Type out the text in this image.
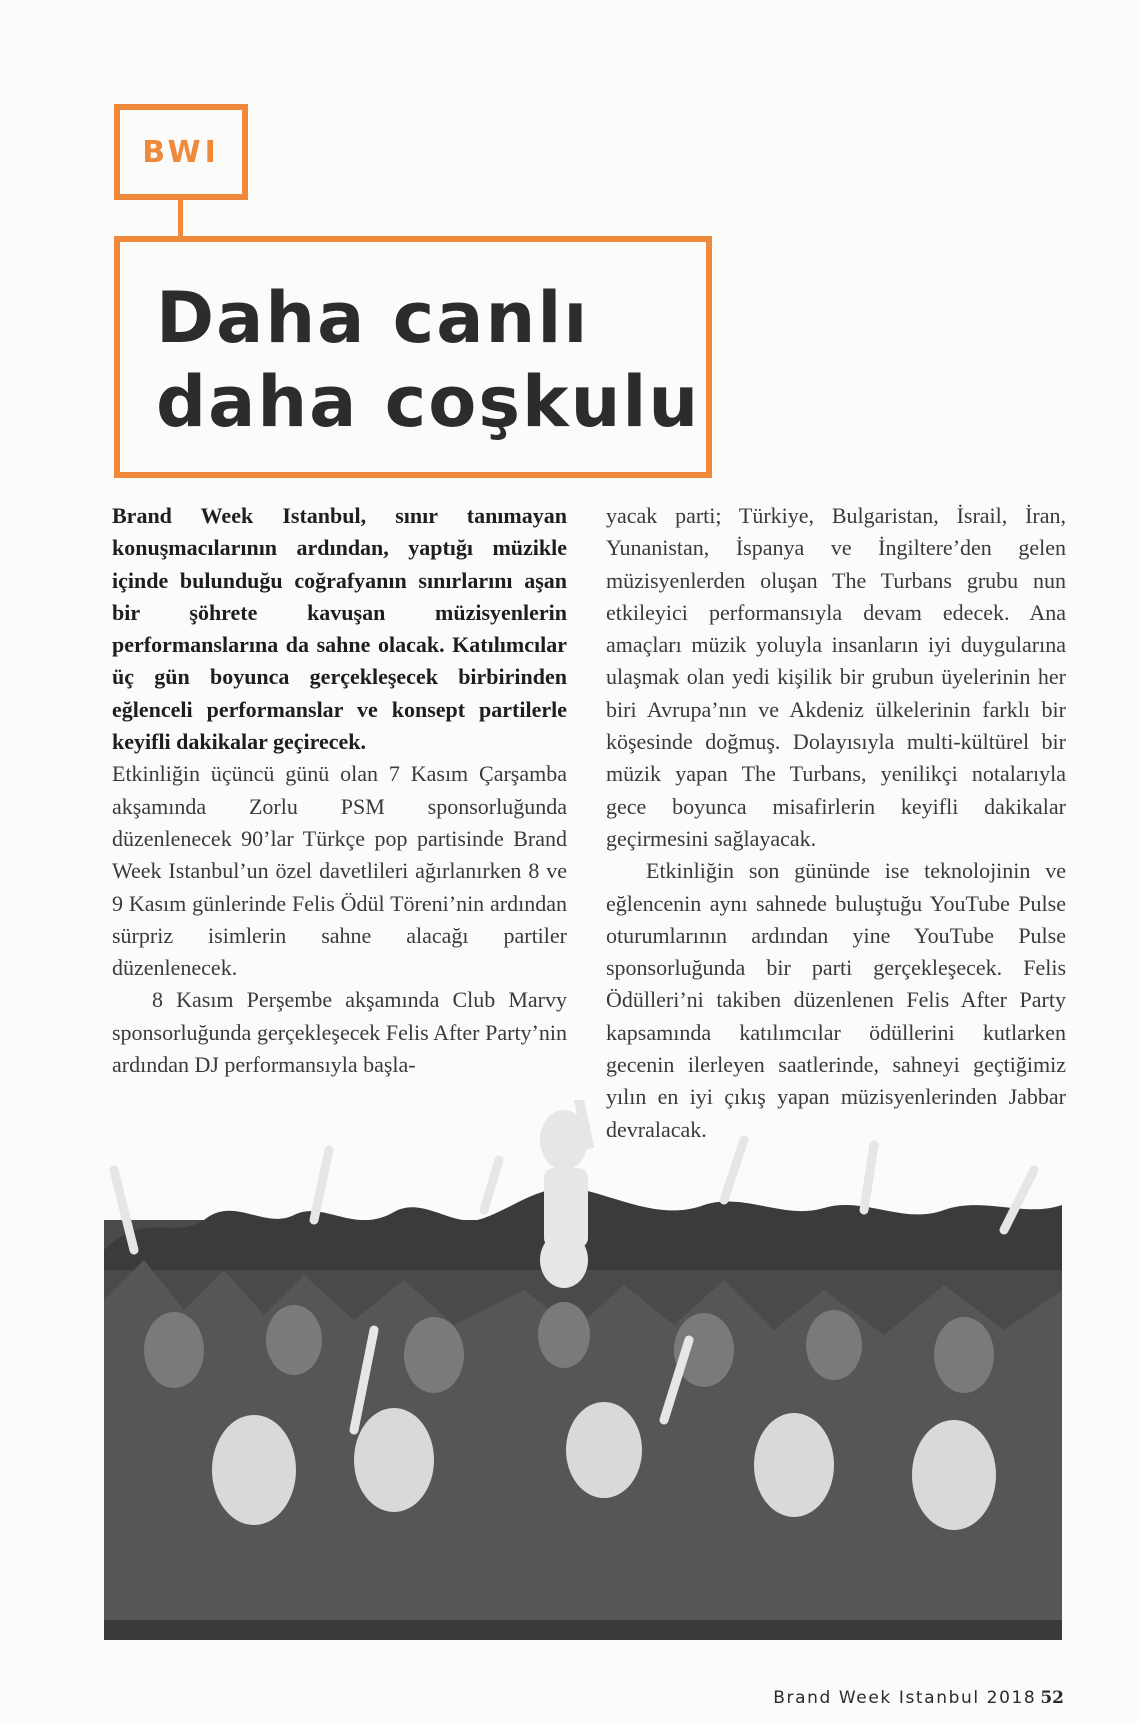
BWI
Daha canlı
daha coşkulu

Brand Week Istanbul, sınır tanımayan konuşmacılarının ardından, yaptığı müzikle içinde bulunduğu coğrafyanın sınırlarını aşan bir şöhrete kavuşan müzisyenlerin performanslarına da sahne olacak. Katılımcılar üç gün boyunca gerçekleşecek birbirinden eğlenceli performanslar ve konsept partilerle keyifli dakikalar geçirecek.

Etkinliğin üçüncü günü olan 7 Kasım Çarşamba akşamında Zorlu PSM sponsorluğunda düzenlenecek 90’lar Türkçe pop partisinde Brand Week Istanbul’un özel davetlileri ağırlanırken 8 ve 9 Kasım günlerinde Felis Ödül Töreni’nin ardından sürpriz isimlerin sahne alacağı partiler düzenlenecek.

8 Kasım Perşembe akşamında Club Marvy sponsorluğunda gerçekleşecek Felis After Party’nin ardından DJ performansıyla başla-

yacak parti; Türkiye, Bulgaristan, İsrail, İran, Yunanistan, İspanya ve İngiltere’den gelen müzisyenlerden oluşan The Turbans grubu nun etkileyici performansıyla devam edecek. Ana amaçları müzik yoluyla insanların iyi duygularına ulaşmak olan yedi kişilik bir grubun üyelerinin her biri Avrupa’nın ve Akdeniz ülkelerinin farklı bir köşesinde doğmuş. Dolayısıyla multi-kültürel bir müzik yapan The Turbans, yenilikçi notalarıyla gece boyunca misafirlerin keyifli dakikalar geçirmesini sağlayacak.

Etkinliğin son gününde ise teknolojinin ve eğlencenin aynı sahnede buluştuğu YouTube Pulse oturumlarının ardından yine YouTube Pulse sponsorluğunda bir parti gerçekleşecek. Felis Ödülleri’ni takiben düzenlenen Felis After Party kapsamında katılımcılar ödüllerini kutlarken gecenin ilerleyen saatlerinde, sahneyi geçtiğimiz yılın en iyi çıkış yapan müzisyenlerinden Jabbar devralacak.

Brand Week Istanbul 2018 52
